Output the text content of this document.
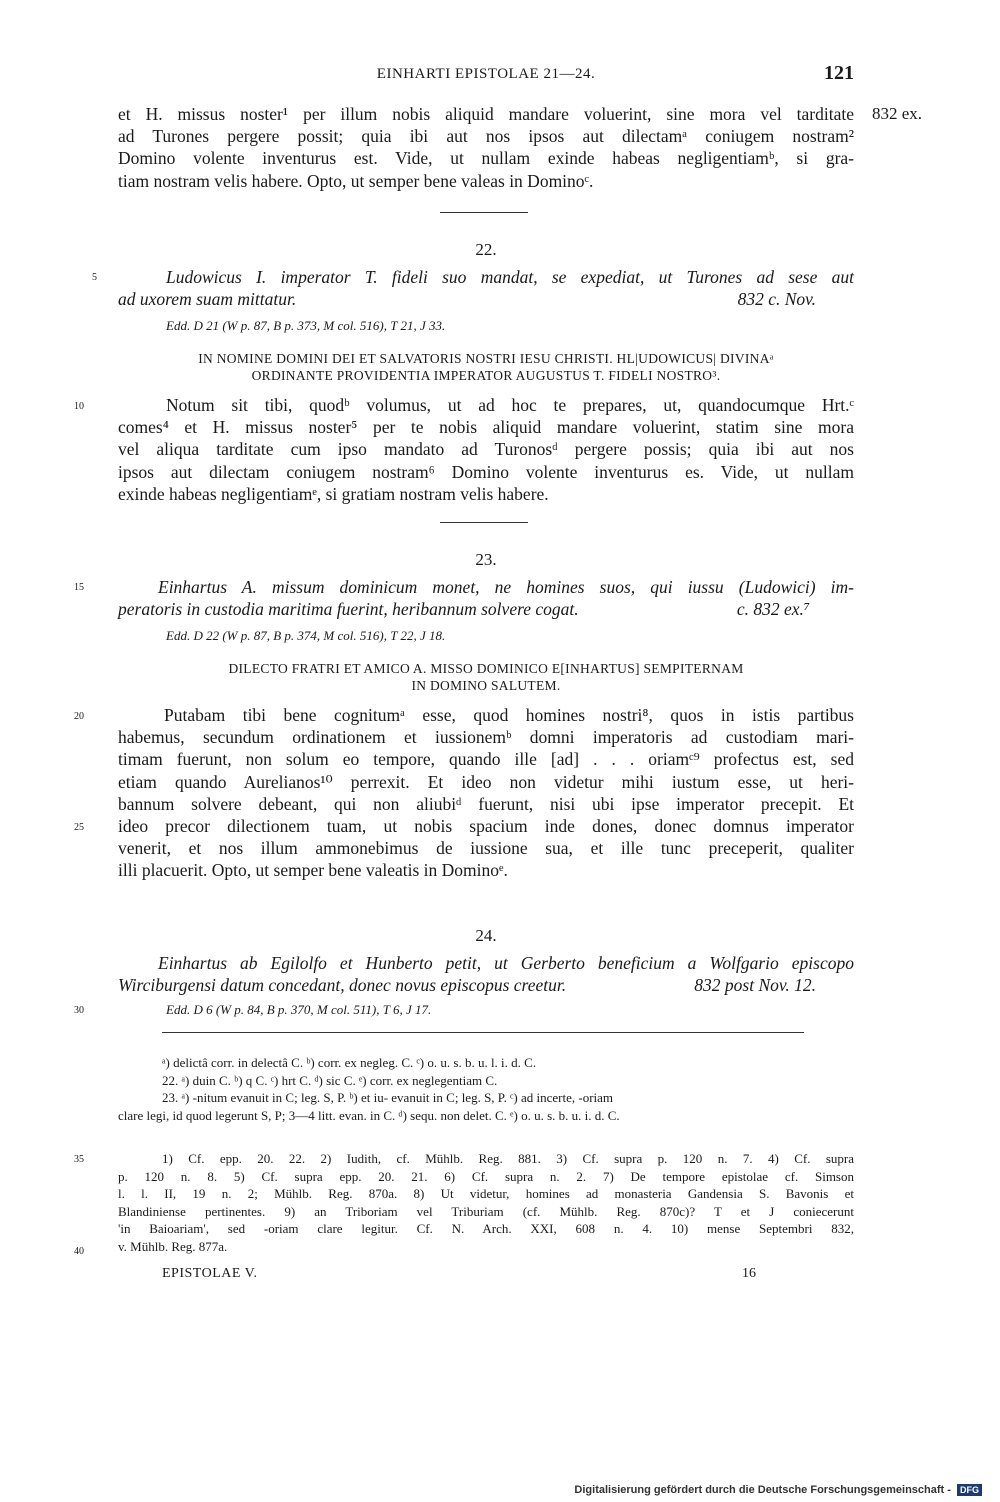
EINHARTI EPISTOLAE 21—24.	121
832 ex.
et H. missus noster¹ per illum nobis aliquid mandare voluerint, sine mora vel tarditate
ad Turones pergere possit; quia ibi aut nos ipsos aut dilectamᵃ coniugem nostram²
Domino volente inventurus est. Vide, ut nullam exinde habeas negligentiamᵇ, si gra-
tiam nostram velis habere. Opto, ut semper bene valeas in Dominoᶜ.
22.
5	Ludowicus I. imperator T. fideli suo mandat, se expediat, ut Turones ad sese aut
ad uxorem suam mittatur.	832 c. Nov.
Edd. D 21 (W p. 87, B p. 373, M col. 516), T 21, J 33.
IN NOMINE DOMINI DEI ET SALVATORIS NOSTRI IESU CHRISTI. HL|UDOWICUS| DIVINAᵃ
ORDINANTE PROVIDENTIA IMPERATOR AUGUSTUS T. FIDELI NOSTRO³.
10	Notum sit tibi, quodᵇ volumus, ut ad hoc te prepares, ut, quandocumque Hrt.ᶜ
comes⁴ et H. missus noster⁵ per te nobis aliquid mandare voluerint, statim sine mora
vel aliqua tarditate cum ipso mandato ad Turonosᵈ pergere possis; quia ibi aut nos
ipsos aut dilectam coniugem nostram⁶ Domino volente inventurus es. Vide, ut nullam
exinde habeas negligentiamᵉ, si gratiam nostram velis habere.
23.
15	Einhartus A. missum dominicum monet, ne homines suos, qui iussu (Ludowici) im-
peratoris in custodia maritima fuerint, heribannum solvere cogat.	c. 832 ex.⁷
Edd. D 22 (W p. 87, B p. 374, M col. 516), T 22, J 18.
DILECTO FRATRI ET AMICO A. MISSO DOMINICO E[INHARTUS] SEMPITERNAM
IN DOMINO SALUTEM.
20
25
Putabam tibi bene cognitumᵃ esse, quod homines nostri⁸, quos in istis partibus
habemus, secundum ordinationem et iussionemᵇ domni imperatoris ad custodiam mari-
timam fuerunt, non solum eo tempore, quando ille [ad] . . . oriamᶜ⁹ profectus est, sed
etiam quando Aurelianos¹⁰ perrexit. Et ideo non videtur mihi iustum esse, ut heri-
bannum solvere debeant, qui non aliubiᵈ fuerunt, nisi ubi ipse imperator precepit. Et
ideo precor dilectionem tuam, ut nobis spacium inde dones, donec domnus imperator
venerit, et nos illum ammonebimus de iussione sua, et ille tunc preceperit, qualiter
illi placuerit. Opto, ut semper bene valeatis in Dominoᵉ.
24.
Einhartus ab Egilolfo et Hunberto petit, ut Gerberto beneficium a Wolfgario episcopo
Wirciburgensi datum concedant, donec novus episcopus creetur.	832 post Nov. 12.
30	Edd. D 6 (W p. 84, B p. 370, M col. 511), T 6, J 17.
ᵃ) delictâ corr. in delectâ C. ᵇ) corr. ex negleg. C. ᶜ) o. u. s. b. u. l. i. d. C.
22. ᵃ) duin C. ᵇ) q C. ᶜ) hrt C. ᵈ) sic C. ᵉ) corr. ex neglegentiam C.
23. ᵃ) -nitum evanuit in C; leg. S, P. ᵇ) et iu- evanuit in C; leg. S, P. ᶜ) ad incerte, -oriam
clare legi, id quod legerunt S, P; 3—4 litt. evan. in C. ᵈ) sequ. non delet. C. ᵉ) o. u. s. b. u. i. d. C.
35
40
1) Cf. epp. 20. 22. 2) Iudith, cf. Mühlb. Reg. 881. 3) Cf. supra p. 120 n. 7. 4) Cf. supra
p. 120 n. 8. 5) Cf. supra epp. 20. 21. 6) Cf. supra n. 2. 7) De tempore epistolae cf. Simson
l. l. II, 19 n. 2; Mühlb. Reg. 870a. 8) Ut videtur, homines ad monasteria Gandensia S. Bavonis et
Blandiniense pertinentes. 9) an Triboriam vel Triburiam (cf. Mühlb. Reg. 870c)? T et J coniecerunt
'in Baioariam', sed -oriam clare legitur. Cf. N. Arch. XXI, 608 n. 4. 10) mense Septembri 832,
v. Mühlb. Reg. 877a.
EPISTOLAE V.	16
Digitalisierung gefördert durch die Deutsche Forschungsgemeinschaft - DFG
